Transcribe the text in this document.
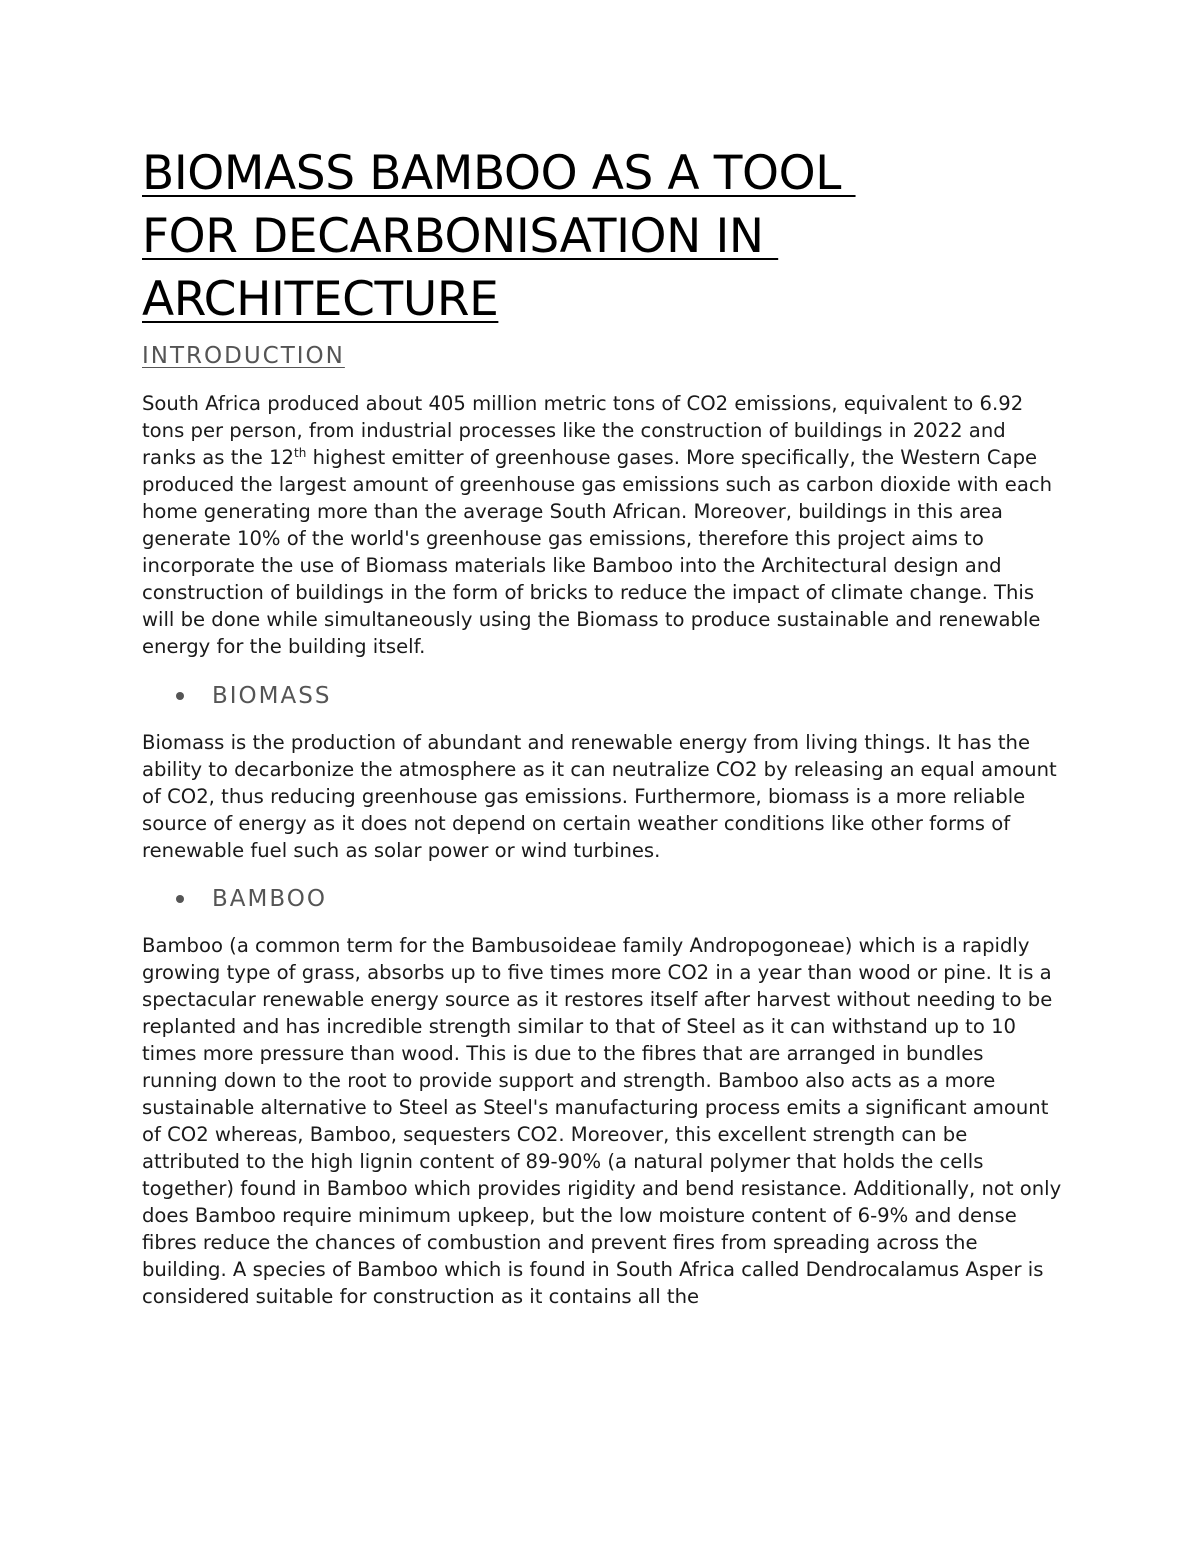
BIOMASS BAMBOO AS A TOOL
FOR DECARBONISATION IN
ARCHITECTURE
INTRODUCTION

South Africa produced about 405 million metric tons of CO2 emissions, equivalent to 6.92 tons per person, from industrial processes like the construction of buildings in 2022 and ranks as the 12th highest emitter of greenhouse gases. More specifically, the Western Cape produced the largest amount of greenhouse gas emissions such as carbon dioxide with each home generating more than the average South African. Moreover, buildings in this area generate 10% of the world's greenhouse gas emissions, therefore this project aims to incorporate the use of Biomass materials like Bamboo into the Architectural design and construction of buildings in the form of bricks to reduce the impact of climate change. This will be done while simultaneously using the Biomass to produce sustainable and renewable energy for the building itself.

BIOMASS

Biomass is the production of abundant and renewable energy from living things. It has the ability to decarbonize the atmosphere as it can neutralize CO2 by releasing an equal amount of CO2, thus reducing greenhouse gas emissions. Furthermore, biomass is a more reliable source of energy as it does not depend on certain weather conditions like other forms of renewable fuel such as solar power or wind turbines.

BAMBOO

Bamboo (a common term for the Bambusoideae family Andropogoneae) which is a rapidly growing type of grass, absorbs up to five times more CO2 in a year than wood or pine. It is a spectacular renewable energy source as it restores itself after harvest without needing to be replanted and has incredible strength similar to that of Steel as it can withstand up to 10 times more pressure than wood. This is due to the fibres that are arranged in bundles running down to the root to provide support and strength. Bamboo also acts as a more sustainable alternative to Steel as Steel's manufacturing process emits a significant amount of CO2 whereas, Bamboo, sequesters CO2. Moreover, this excellent strength can be attributed to the high lignin content of 89-90% (a natural polymer that holds the cells together) found in Bamboo which provides rigidity and bend resistance. Additionally, not only does Bamboo require minimum upkeep, but the low moisture content of 6-9% and dense fibres reduce the chances of combustion and prevent fires from spreading across the building. A species of Bamboo which is found in South Africa called Dendrocalamus Asper is considered suitable for construction as it contains all the
